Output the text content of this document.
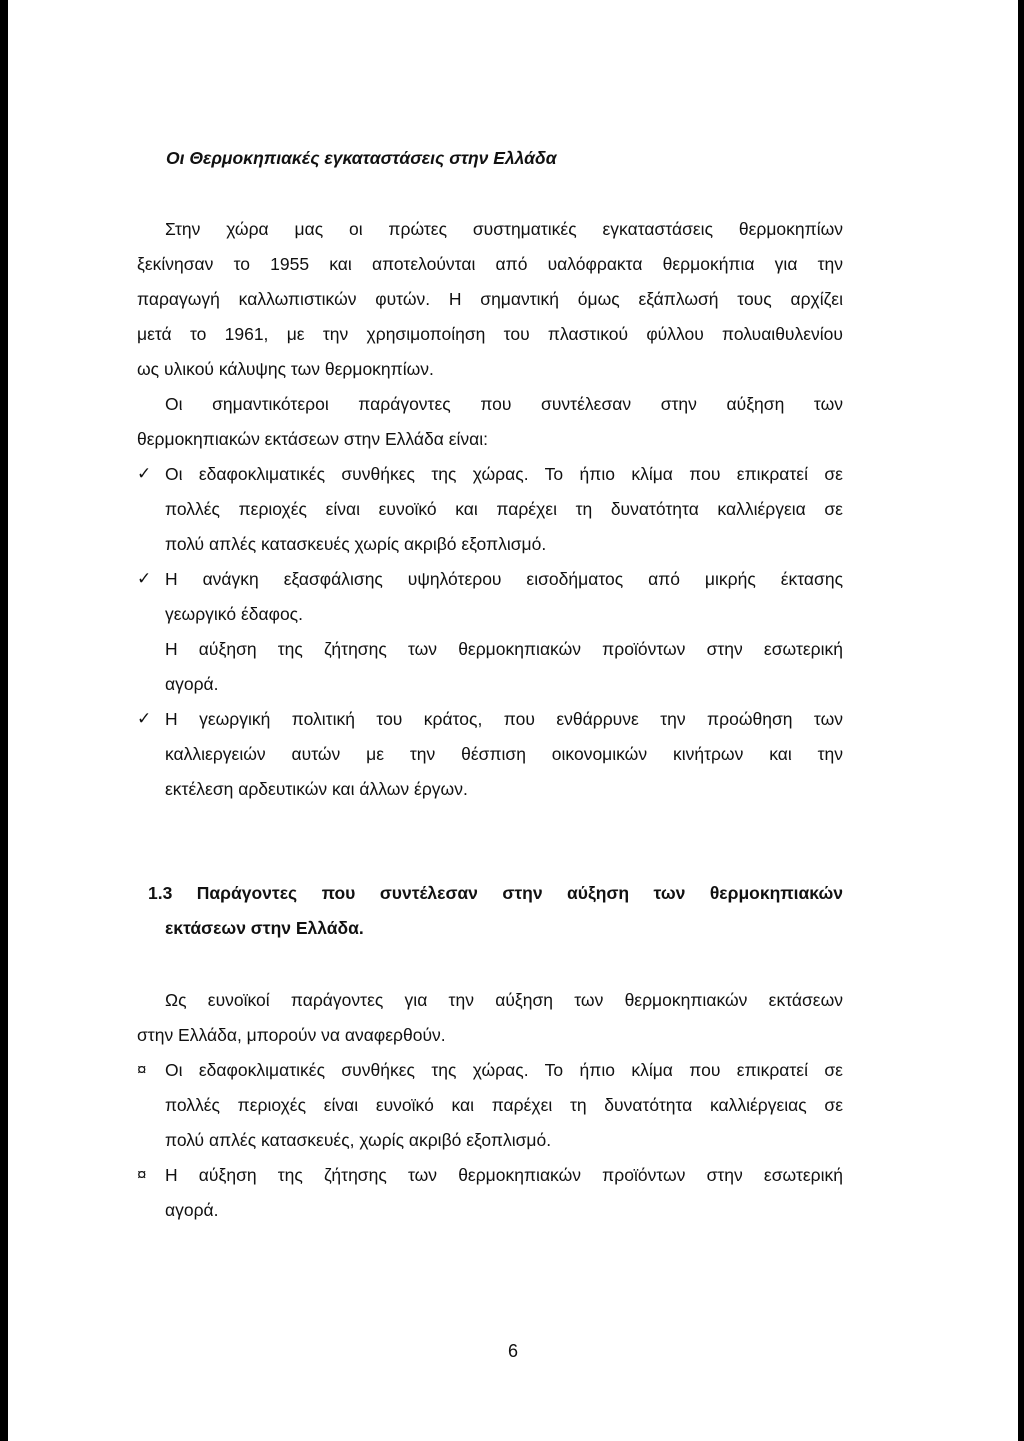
Οι Θερμοκηπιακές εγκαταστάσεις στην Ελλάδα

Στην χώρα μας οι πρώτες συστηματικές εγκαταστάσεις θερμοκηπίων

ξεκίνησαν το 1955 και αποτελούνται από υαλόφρακτα θερμοκήπια για την

παραγωγή καλλωπιστικών φυτών. Η σημαντική όμως εξάπλωσή τους αρχίζει

μετά το 1961, με την χρησιμοποίηση του πλαστικού φύλλου πολυαιθυλενίου

ως υλικού κάλυψης των θερμοκηπίων.

Οι σημαντικότεροι παράγοντες που συντέλεσαν στην αύξηση των

θερμοκηπιακών εκτάσεων στην Ελλάδα είναι:

✓ Οι εδαφοκλιματικές συνθήκες της χώρας. Το ήπιο κλίμα που επικρατεί σε

πολλές περιοχές είναι ευνοϊκό και παρέχει τη δυνατότητα καλλιέργεια σε

πολύ απλές κατασκευές χωρίς ακριβό εξοπλισμό.

✓ Η ανάγκη εξασφάλισης υψηλότερου εισοδήματος από μικρής έκτασης

γεωργικό έδαφος.

Η αύξηση της ζήτησης των θερμοκηπιακών προϊόντων στην εσωτερική

αγορά.

✓ Η γεωργική πολιτική του κράτος, που ενθάρρυνε την προώθηση των

καλλιεργειών αυτών με την θέσπιση οικονομικών κινήτρων και την

εκτέλεση αρδευτικών και άλλων έργων.

1.3 Παράγοντες που συντέλεσαν στην αύξηση των θερμοκηπιακών
εκτάσεων στην Ελλάδα.

Ως ευνοϊκοί παράγοντες για την αύξηση των θερμοκηπιακών εκτάσεων

στην Ελλάδα, μπορούν να αναφερθούν.

¤	Οι εδαφοκλιματικές συνθήκες της χώρας. Το ήπιο κλίμα που επικρατεί σε

πολλές περιοχές είναι ευνοϊκό και παρέχει τη δυνατότητα καλλιέργειας σε

πολύ απλές κατασκευές, χωρίς ακριβό εξοπλισμό.

¤	Η αύξηση της ζήτησης των θερμοκηπιακών προϊόντων στην εσωτερική

αγορά.

6
